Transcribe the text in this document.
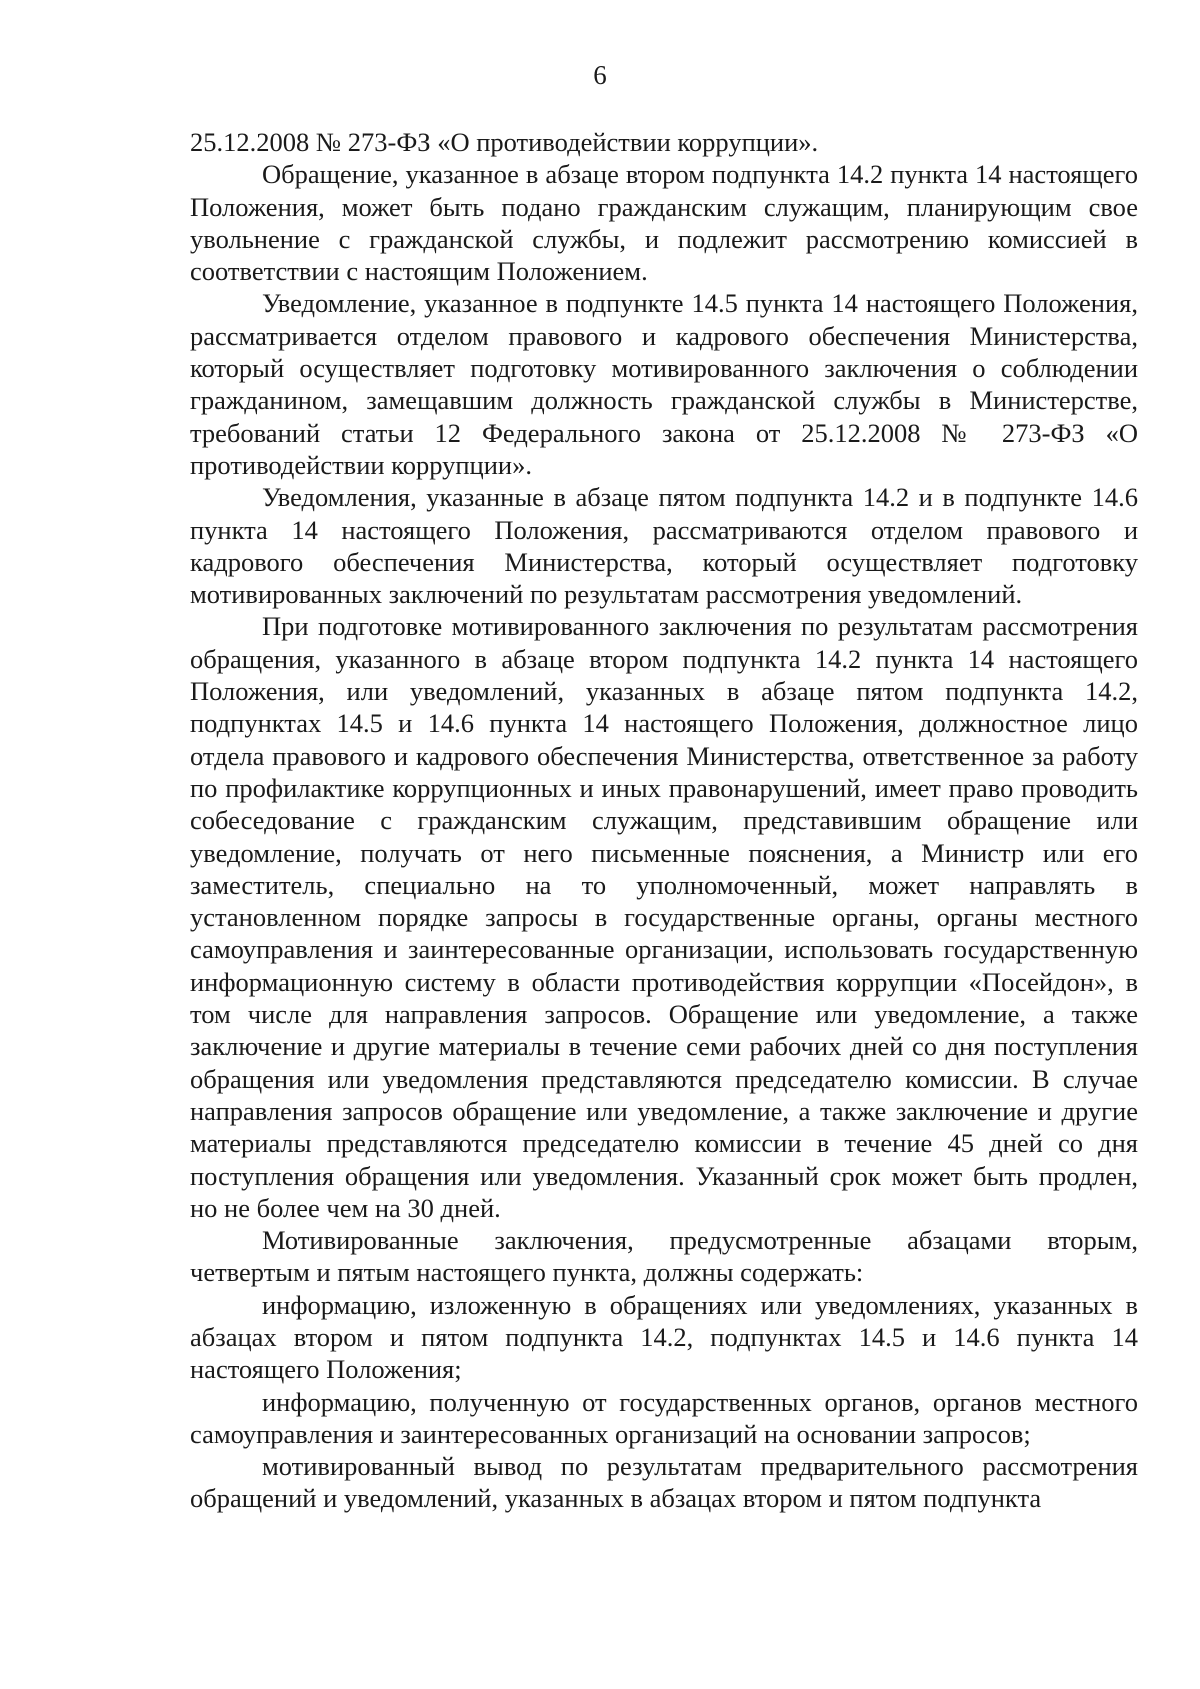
6

25.12.2008 № 273-ФЗ «О противодействии коррупции».

Обращение, указанное в абзаце втором подпункта 14.2 пункта 14 настоящего Положения, может быть подано гражданским служащим, планирующим свое увольнение с гражданской службы, и подлежит рассмотрению комиссией в соответствии с настоящим Положением.

Уведомление, указанное в подпункте 14.5 пункта 14 настоящего Положения, рассматривается отделом правового и кадрового обеспечения Министерства, который осуществляет подготовку мотивированного заключения о соблюдении гражданином, замещавшим должность гражданской службы в Министерстве, требований статьи 12 Федерального закона от 25.12.2008 № 273-ФЗ «О противодействии коррупции».

Уведомления, указанные в абзаце пятом подпункта 14.2 и в подпункте 14.6 пункта 14 настоящего Положения, рассматриваются отделом правового и кадрового обеспечения Министерства, который осуществляет подготовку мотивированных заключений по результатам рассмотрения уведомлений.

При подготовке мотивированного заключения по результатам рассмотрения обращения, указанного в абзаце втором подпункта 14.2 пункта 14 настоящего Положения, или уведомлений, указанных в абзаце пятом подпункта 14.2, подпунктах 14.5 и 14.6 пункта 14 настоящего Положения, должностное лицо отдела правового и кадрового обеспечения Министерства, ответственное за работу по профилактике коррупционных и иных правонарушений, имеет право проводить собеседование с гражданским служащим, представившим обращение или уведомление, получать от него письменные пояснения, а Министр или его заместитель, специально на то уполномоченный, может направлять в установленном порядке запросы в государственные органы, органы местного самоуправления и заинтересованные организации, использовать государственную информационную систему в области противодействия коррупции «Посейдон», в том числе для направления запросов. Обращение или уведомление, а также заключение и другие материалы в течение семи рабочих дней со дня поступления обращения или уведомления представляются председателю комиссии. В случае направления запросов обращение или уведомление, а также заключение и другие материалы представляются председателю комиссии в течение 45 дней со дня поступления обращения или уведомления. Указанный срок может быть продлен, но не более чем на 30 дней.

Мотивированные заключения, предусмотренные абзацами вторым, четвертым и пятым настоящего пункта, должны содержать:

информацию, изложенную в обращениях или уведомлениях, указанных в абзацах втором и пятом подпункта 14.2, подпунктах 14.5 и 14.6 пункта 14 настоящего Положения;

информацию, полученную от государственных органов, органов местного самоуправления и заинтересованных организаций на основании запросов;

мотивированный вывод по результатам предварительного рассмотрения обращений и уведомлений, указанных в абзацах втором и пятом подпункта
